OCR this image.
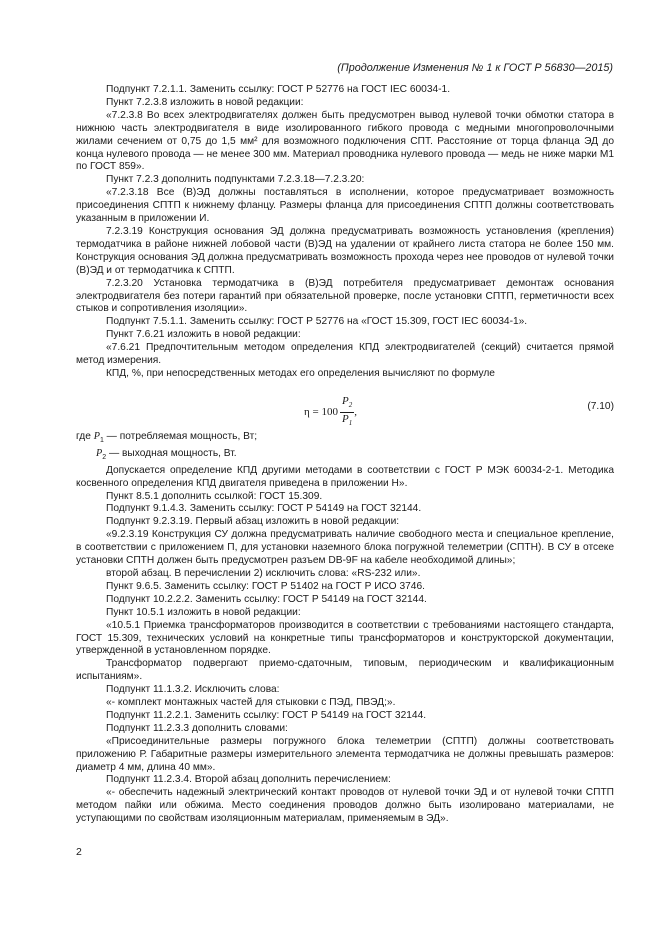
(Продолжение Изменения № 1 к ГОСТ Р 56830—2015)

Подпункт 7.2.1.1. Заменить ссылку: ГОСТ Р 52776 на ГОСТ IEC 60034-1.

Пункт 7.2.3.8 изложить в новой редакции:

«7.2.3.8 Во всех электродвигателях должен быть предусмотрен вывод нулевой точки обмотки статора в нижнюю часть электродвигателя в виде изолированного гибкого провода с медными многопроволочными жилами сечением от 0,75 до 1,5 мм² для возможного подключения СПТ. Расстояние от торца фланца ЭД до конца нулевого провода — не менее 300 мм. Материал проводника нулевого провода — медь не ниже марки М1 по ГОСТ 859».

Пункт 7.2.3 дополнить подпунктами 7.2.3.18—7.2.3.20:

«7.2.3.18 Все (В)ЭД должны поставляться в исполнении, которое предусматривает возможность присоединения СПТП к нижнему фланцу. Размеры фланца для присоединения СПТП должны соответствовать указанным в приложении И.

7.2.3.19 Конструкция основания ЭД должна предусматривать возможность установления (крепления) термодатчика в районе нижней лобовой части (В)ЭД на удалении от крайнего листа статора не более 150 мм. Конструкция основания ЭД должна предусматривать возможность прохода через нее проводов от нулевой точки (В)ЭД и от термодатчика к СПТП.

7.2.3.20 Установка термодатчика в (В)ЭД потребителя предусматривает демонтаж основания электродвигателя без потери гарантий при обязательной проверке, после установки СПТП, герметичности всех стыков и сопротивления изоляции».

Подпункт 7.5.1.1. Заменить ссылку: ГОСТ Р 52776 на «ГОСТ 15.309, ГОСТ IEC 60034-1».

Пункт 7.6.21 изложить в новой редакции:

«7.6.21 Предпочтительным методом определения КПД электродвигателей (секций) считается прямой метод измерения.

КПД, %, при непосредственных методах его определения вычисляют по формуле

$\eta = 100 \frac{P_2}{P_1}$ ,	(7.10)

где $P_1$ — потребляемая мощность, Вт;

$P_2$ — выходная мощность, Вт.

Допускается определение КПД другими методами в соответствии с ГОСТ Р МЭК 60034-2-1. Методика косвенного определения КПД двигателя приведена в приложении Н».

Пункт 8.5.1 дополнить ссылкой: ГОСТ 15.309.

Подпункт 9.1.4.3. Заменить ссылку: ГОСТ Р 54149 на ГОСТ 32144.

Подпункт 9.2.3.19. Первый абзац изложить в новой редакции:

«9.2.3.19 Конструкция СУ должна предусматривать наличие свободного места и специальное крепление, в соответствии с приложением П, для установки наземного блока погружной телеметрии (СПТН). В СУ в отсеке установки СПТН должен быть предусмотрен разъем DB-9F на кабеле необходимой длины»;

второй абзац. В перечислении 2) исключить слова: «RS-232 или».

Пункт 9.6.5. Заменить ссылку: ГОСТ Р 51402 на ГОСТ Р ИСО 3746.

Подпункт 10.2.2.2. Заменить ссылку: ГОСТ Р 54149 на ГОСТ 32144.

Пункт 10.5.1 изложить в новой редакции:

«10.5.1 Приемка трансформаторов производится в соответствии с требованиями настоящего стандарта, ГОСТ 15.309, технических условий на конкретные типы трансформаторов и конструкторской документации, утвержденной в установленном порядке.

Трансформатор подвергают приемо-сдаточным, типовым, периодическим и квалификационным испытаниям».

Подпункт 11.1.3.2. Исключить слова:

«- комплект монтажных частей для стыковки с ПЭД, ПВЭД;».

Подпункт 11.2.2.1. Заменить ссылку: ГОСТ Р 54149 на ГОСТ 32144.

Подпункт 11.2.3.3 дополнить словами:

«Присоединительные размеры погружного блока телеметрии (СПТП) должны соответствовать приложению Р. Габаритные размеры измерительного элемента термодатчика не должны превышать размеров: диаметр 4 мм, длина 40 мм».

Подпункт 11.2.3.4. Второй абзац дополнить перечислением:

«- обеспечить надежный электрический контакт проводов от нулевой точки ЭД и от нулевой точки СПТП методом пайки или обжима. Место соединения проводов должно быть изолировано материалами, не уступающими по свойствам изоляционным материалам, применяемым в ЭД».

2
